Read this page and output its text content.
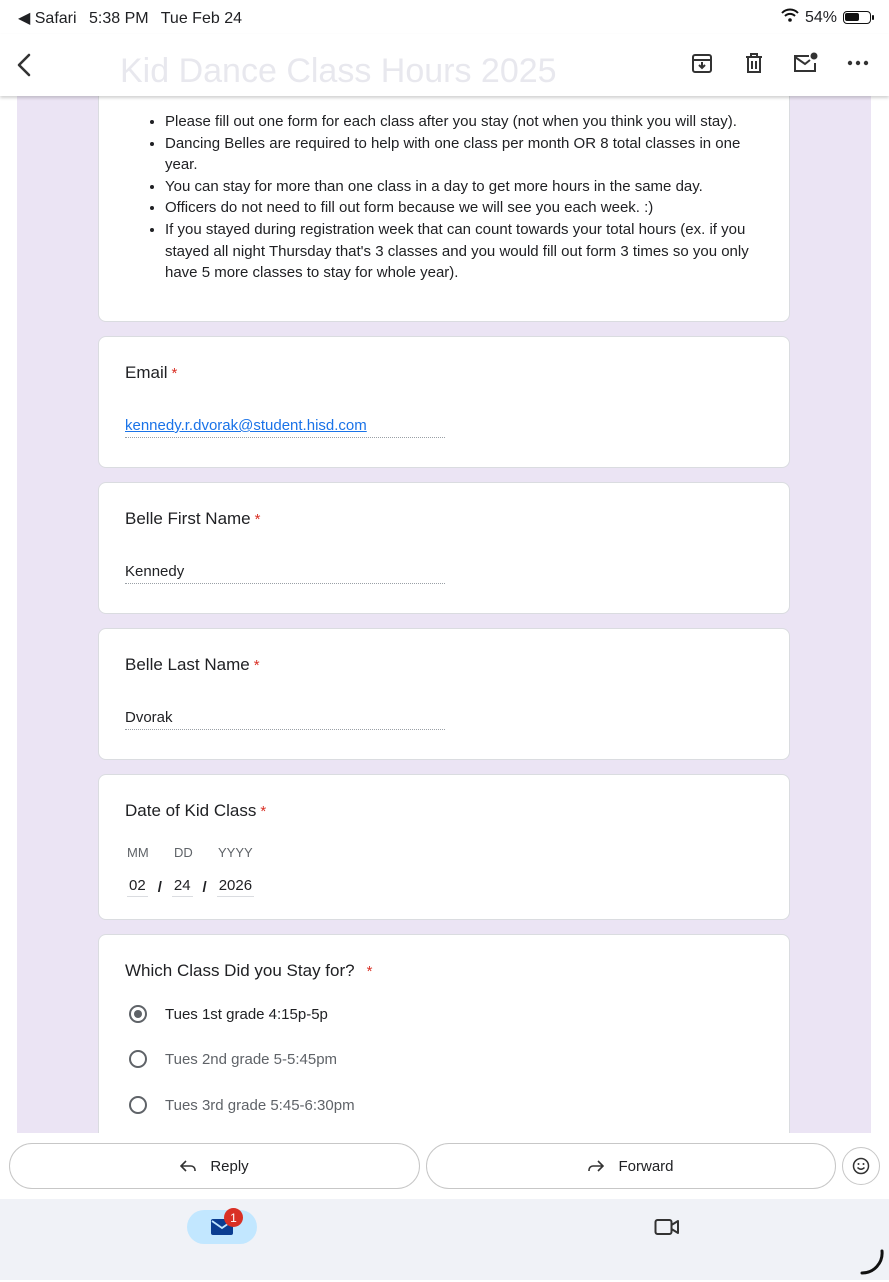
◀ Safari 5:38 PM Tue Feb 24	54%
Kid Dance Class Hours 2025
• Please fill out one form for each class after you stay (not when you think you will stay).
• Dancing Belles are required to help with one class per month OR 8 total classes in one year.
• You can stay for more than one class in a day to get more hours in the same day.
• Officers do not need to fill out form because we will see you each week. :)
• If you stayed during registration week that can count towards your total hours (ex. if you stayed all night Thursday that's 3 classes and you would fill out form 3 times so you only have 5 more classes to stay for whole year).
Email *
kennedy.r.dvorak@student.hisd.com
Belle First Name *
Kennedy
Belle Last Name *
Dvorak
Date of Kid Class *
MM DD YYYY
02 / 24 / 2026
Which Class Did you Stay for? *
Tues 1st grade 4:15p-5p
Tues 2nd grade 5-5:45pm
Tues 3rd grade 5:45-6:30pm
Reply	Forward
1
